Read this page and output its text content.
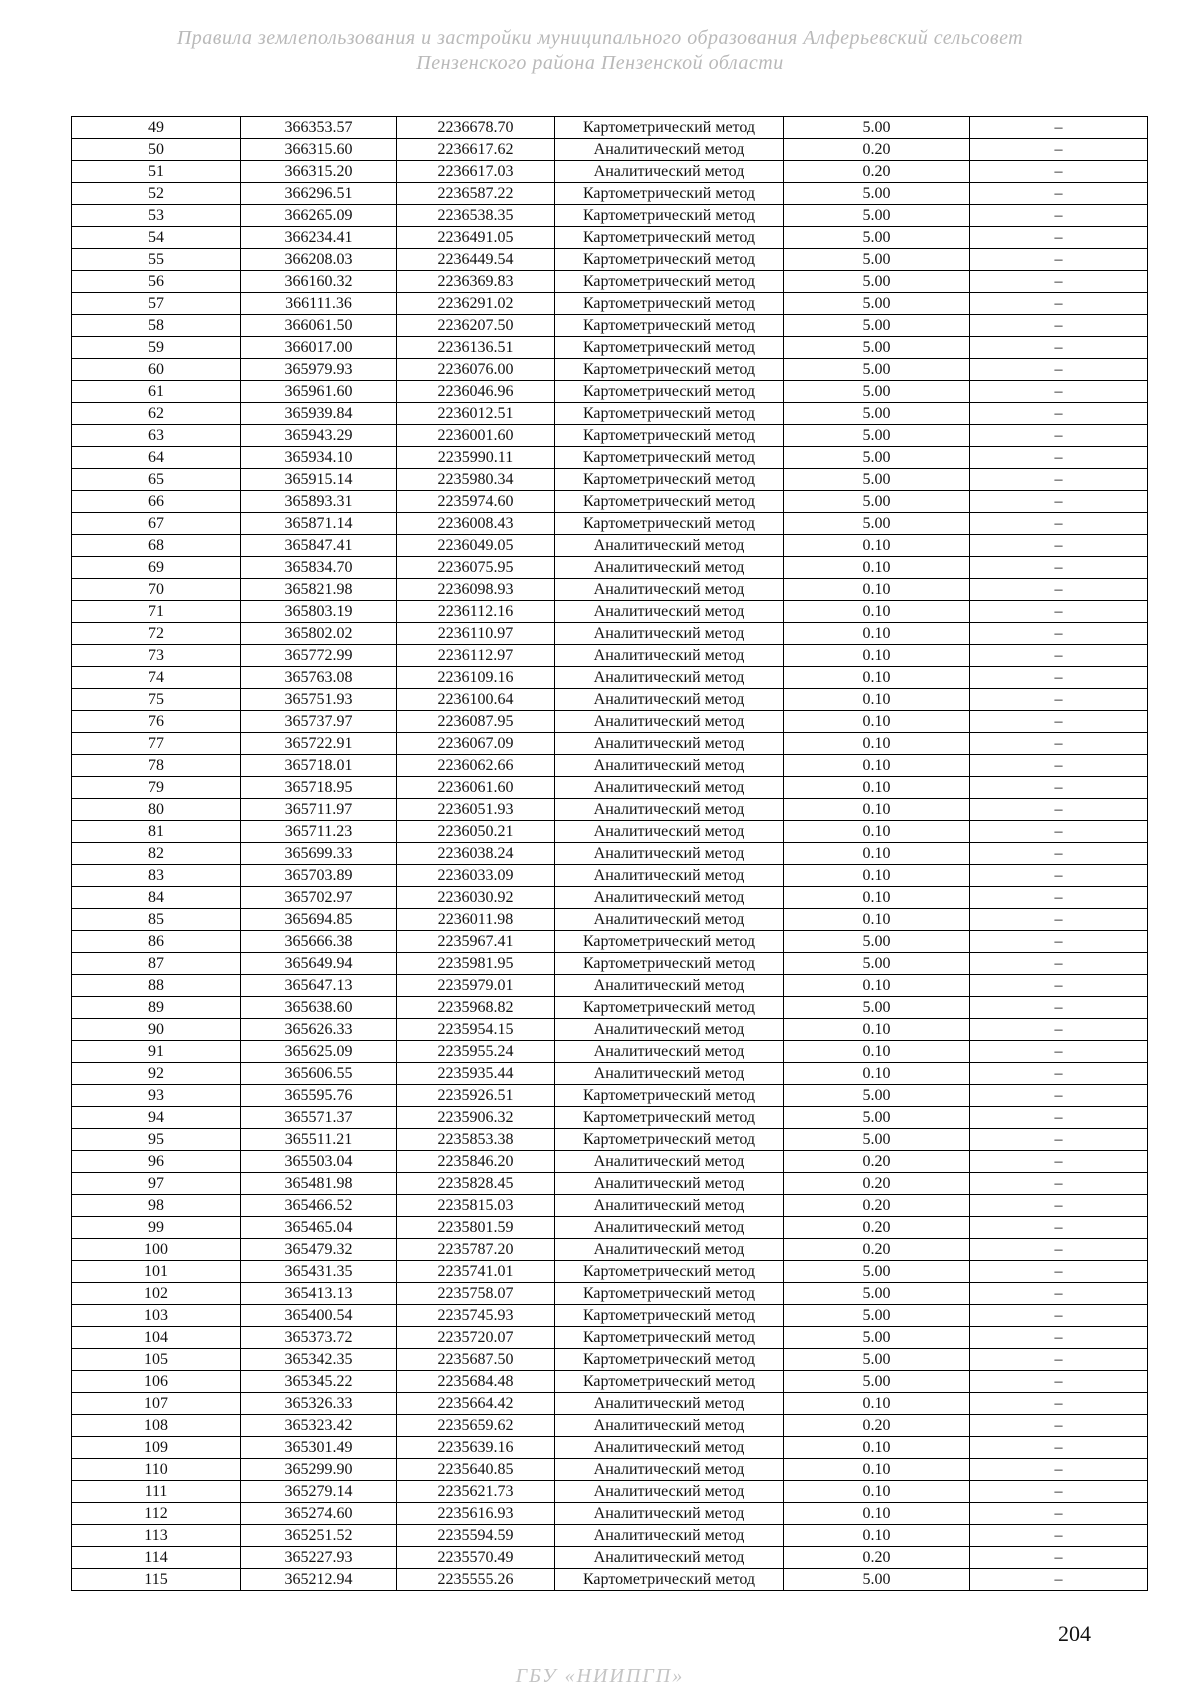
Правила землепользования и застройки муниципального образования Алферьевский сельсовет
Пензенского района Пензенской области
49	366353.57	2236678.70	Картометрический метод	5.00	–
50	366315.60	2236617.62	Аналитический метод	0.20	–
51	366315.20	2236617.03	Аналитический метод	0.20	–
52	366296.51	2236587.22	Картометрический метод	5.00	–
53	366265.09	2236538.35	Картометрический метод	5.00	–
54	366234.41	2236491.05	Картометрический метод	5.00	–
55	366208.03	2236449.54	Картометрический метод	5.00	–
56	366160.32	2236369.83	Картометрический метод	5.00	–
57	366111.36	2236291.02	Картометрический метод	5.00	–
58	366061.50	2236207.50	Картометрический метод	5.00	–
59	366017.00	2236136.51	Картометрический метод	5.00	–
60	365979.93	2236076.00	Картометрический метод	5.00	–
61	365961.60	2236046.96	Картометрический метод	5.00	–
62	365939.84	2236012.51	Картометрический метод	5.00	–
63	365943.29	2236001.60	Картометрический метод	5.00	–
64	365934.10	2235990.11	Картометрический метод	5.00	–
65	365915.14	2235980.34	Картометрический метод	5.00	–
66	365893.31	2235974.60	Картометрический метод	5.00	–
67	365871.14	2236008.43	Картометрический метод	5.00	–
68	365847.41	2236049.05	Аналитический метод	0.10	–
69	365834.70	2236075.95	Аналитический метод	0.10	–
70	365821.98	2236098.93	Аналитический метод	0.10	–
71	365803.19	2236112.16	Аналитический метод	0.10	–
72	365802.02	2236110.97	Аналитический метод	0.10	–
73	365772.99	2236112.97	Аналитический метод	0.10	–
74	365763.08	2236109.16	Аналитический метод	0.10	–
75	365751.93	2236100.64	Аналитический метод	0.10	–
76	365737.97	2236087.95	Аналитический метод	0.10	–
77	365722.91	2236067.09	Аналитический метод	0.10	–
78	365718.01	2236062.66	Аналитический метод	0.10	–
79	365718.95	2236061.60	Аналитический метод	0.10	–
80	365711.97	2236051.93	Аналитический метод	0.10	–
81	365711.23	2236050.21	Аналитический метод	0.10	–
82	365699.33	2236038.24	Аналитический метод	0.10	–
83	365703.89	2236033.09	Аналитический метод	0.10	–
84	365702.97	2236030.92	Аналитический метод	0.10	–
85	365694.85	2236011.98	Аналитический метод	0.10	–
86	365666.38	2235967.41	Картометрический метод	5.00	–
87	365649.94	2235981.95	Картометрический метод	5.00	–
88	365647.13	2235979.01	Аналитический метод	0.10	–
89	365638.60	2235968.82	Картометрический метод	5.00	–
90	365626.33	2235954.15	Аналитический метод	0.10	–
91	365625.09	2235955.24	Аналитический метод	0.10	–
92	365606.55	2235935.44	Аналитический метод	0.10	–
93	365595.76	2235926.51	Картометрический метод	5.00	–
94	365571.37	2235906.32	Картометрический метод	5.00	–
95	365511.21	2235853.38	Картометрический метод	5.00	–
96	365503.04	2235846.20	Аналитический метод	0.20	–
97	365481.98	2235828.45	Аналитический метод	0.20	–
98	365466.52	2235815.03	Аналитический метод	0.20	–
99	365465.04	2235801.59	Аналитический метод	0.20	–
100	365479.32	2235787.20	Аналитический метод	0.20	–
101	365431.35	2235741.01	Картометрический метод	5.00	–
102	365413.13	2235758.07	Картометрический метод	5.00	–
103	365400.54	2235745.93	Картометрический метод	5.00	–
104	365373.72	2235720.07	Картометрический метод	5.00	–
105	365342.35	2235687.50	Картометрический метод	5.00	–
106	365345.22	2235684.48	Картометрический метод	5.00	–
107	365326.33	2235664.42	Аналитический метод	0.10	–
108	365323.42	2235659.62	Аналитический метод	0.20	–
109	365301.49	2235639.16	Аналитический метод	0.10	–
110	365299.90	2235640.85	Аналитический метод	0.10	–
111	365279.14	2235621.73	Аналитический метод	0.10	–
112	365274.60	2235616.93	Аналитический метод	0.10	–
113	365251.52	2235594.59	Аналитический метод	0.10	–
114	365227.93	2235570.49	Аналитический метод	0.20	–
115	365212.94	2235555.26	Картометрический метод	5.00	–
204
ГБУ «НИИПГП»
